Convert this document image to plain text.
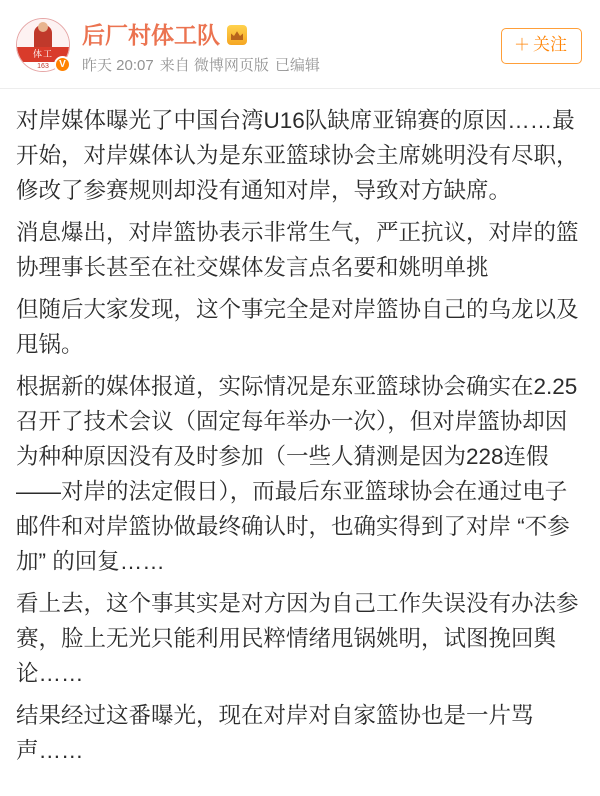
体工
163	V
后厂村体工队
昨天 20:07 来自 微博网页版 已编辑
＋ 关注

对岸媒体曝光了中国台湾U16队缺席亚锦赛的原因……最开始，对岸媒体认为是东亚篮球协会主席姚明没有尽职，修改了参赛规则却没有通知对岸，导致对方缺席。

消息爆出，对岸篮协表示非常生气，严正抗议，对岸的篮协理事长甚至在社交媒体发言点名要和姚明单挑

但随后大家发现，这个事完全是对岸篮协自己的乌龙以及甩锅。

根据新的媒体报道，实际情况是东亚篮球协会确实在2.25召开了技术会议（固定每年举办一次），但对岸篮协却因为种种原因没有及时参加（一些人猜测是因为228连假——对岸的法定假日），而最后东亚篮球协会在通过电子邮件和对岸篮协做最终确认时，也确实得到了对岸 “不参加” 的回复……

看上去，这个事其实是对方因为自己工作失误没有办法参赛，脸上无光只能利用民粹情绪甩锅姚明，试图挽回舆论……

结果经过这番曝光，现在对岸对自家篮协也是一片骂声……
